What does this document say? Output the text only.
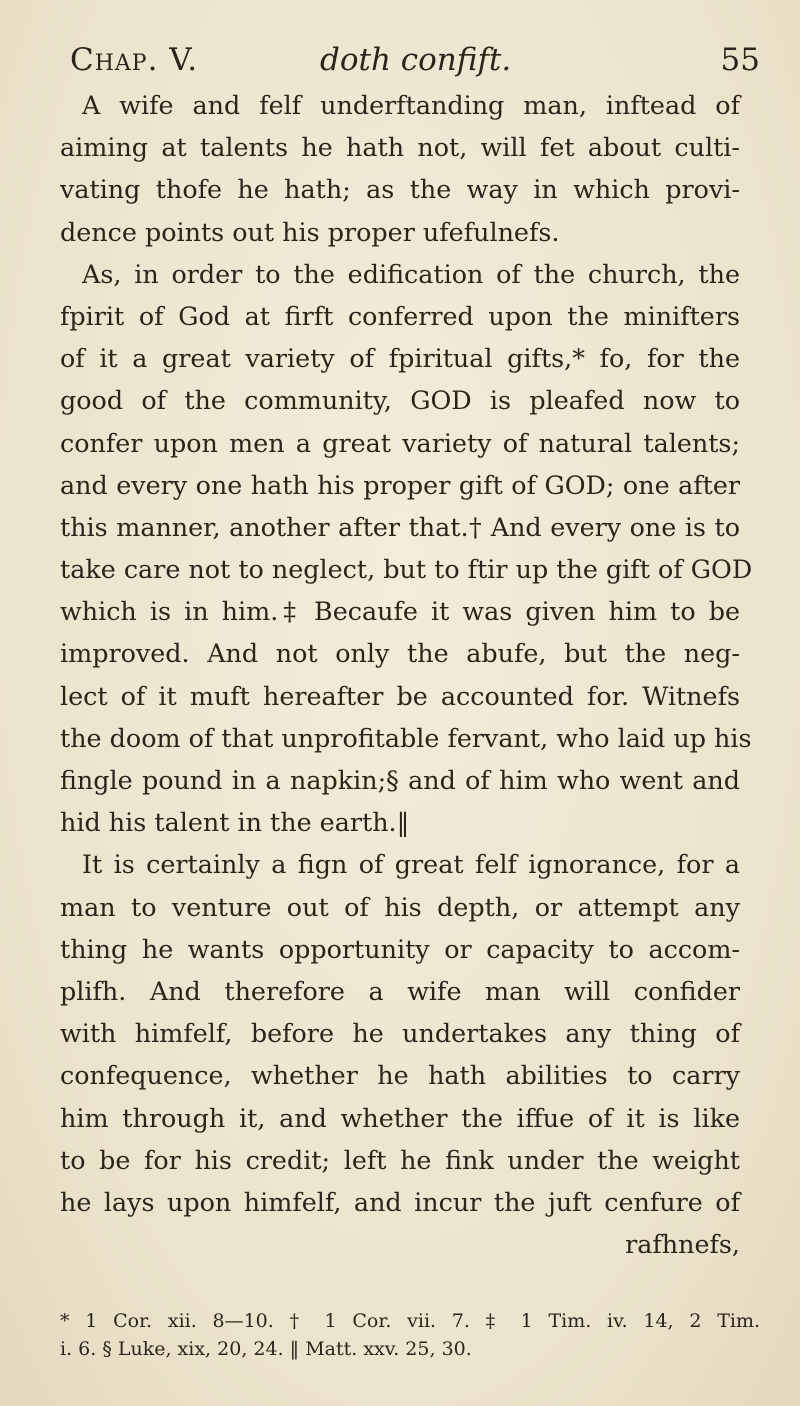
Chap. V.	doth confift.	55
A wife and felf underftanding man, inftead of
aiming at talents he hath not, will fet about culti-
vating thofe he hath; as the way in which provi-
dence points out his proper ufefulnefs.
As, in order to the edification of the church, the
fpirit of God at firft conferred upon the minifters
of it a great variety of fpiritual gifts,* fo, for the
good of the community, GOD is pleafed now to
confer upon men a great variety of natural talents;
and every one hath his proper gift of GOD; one after
this manner, another after that.† And every one is to
take care not to neglect, but to ftir up the gift of GOD
which is in him.‡ Becaufe it was given him to be
improved. And not only the abufe, but the neg-
lect of it muft hereafter be accounted for. Witnefs
the doom of that unprofitable fervant, who laid up his
fingle pound in a napkin;§ and of him who went and
hid his talent in the earth.‖
It is certainly a fign of great felf ignorance, for a
man to venture out of his depth, or attempt any
thing he wants opportunity or capacity to accom-
plifh. And therefore a wife man will confider
with himfelf, before he undertakes any thing of
confequence, whether he hath abilities to carry
him through it, and whether the iffue of it is like
to be for his credit; left he fink under the weight
he lays upon himfelf, and incur the juft cenfure of
rafhnefs,
* 1 Cor. xii. 8—10. † 1 Cor. vii. 7. ‡ 1 Tim. iv. 14, 2 Tim.
i. 6. § Luke, xix, 20, 24. ‖ Matt. xxv. 25, 30.
